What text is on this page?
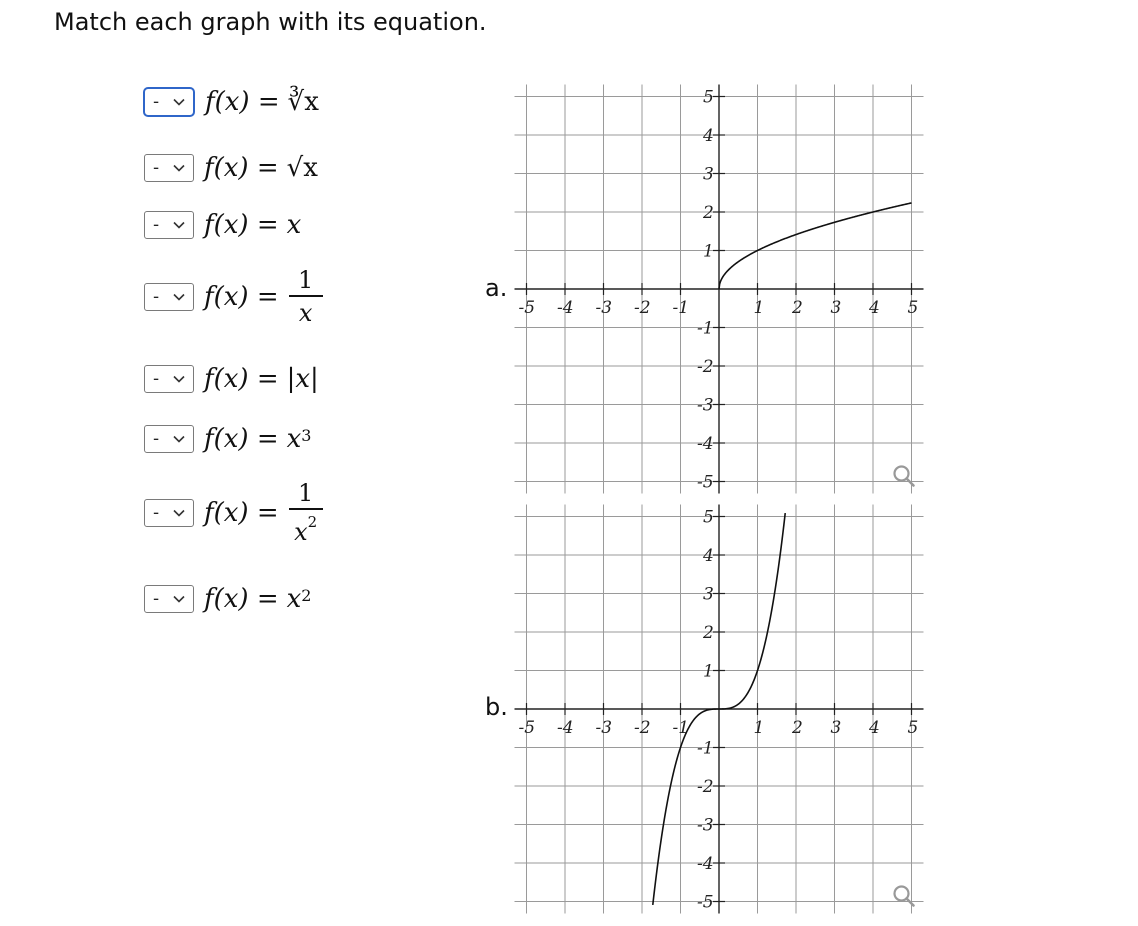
Match each graph with its equation.
- f(x) = ∛x
- f(x) = √x
- f(x) = x
- $f(x) = \frac{1}{x}$
- f(x) = |x|
- $f(x) = x^3$
- $f(x) = \frac{1}{x^2}$
- $f(x) = x^2$
a.
-5 -4 -3 -2 -1	1 2 3 4 5
5
4
3
2
1
-1
-2
-3
-4
-5
b.
-5 -4 -3 -2 -1	1 2 3 4 5
5
4
3
2
1
-1
-2
-3
-4
-5
